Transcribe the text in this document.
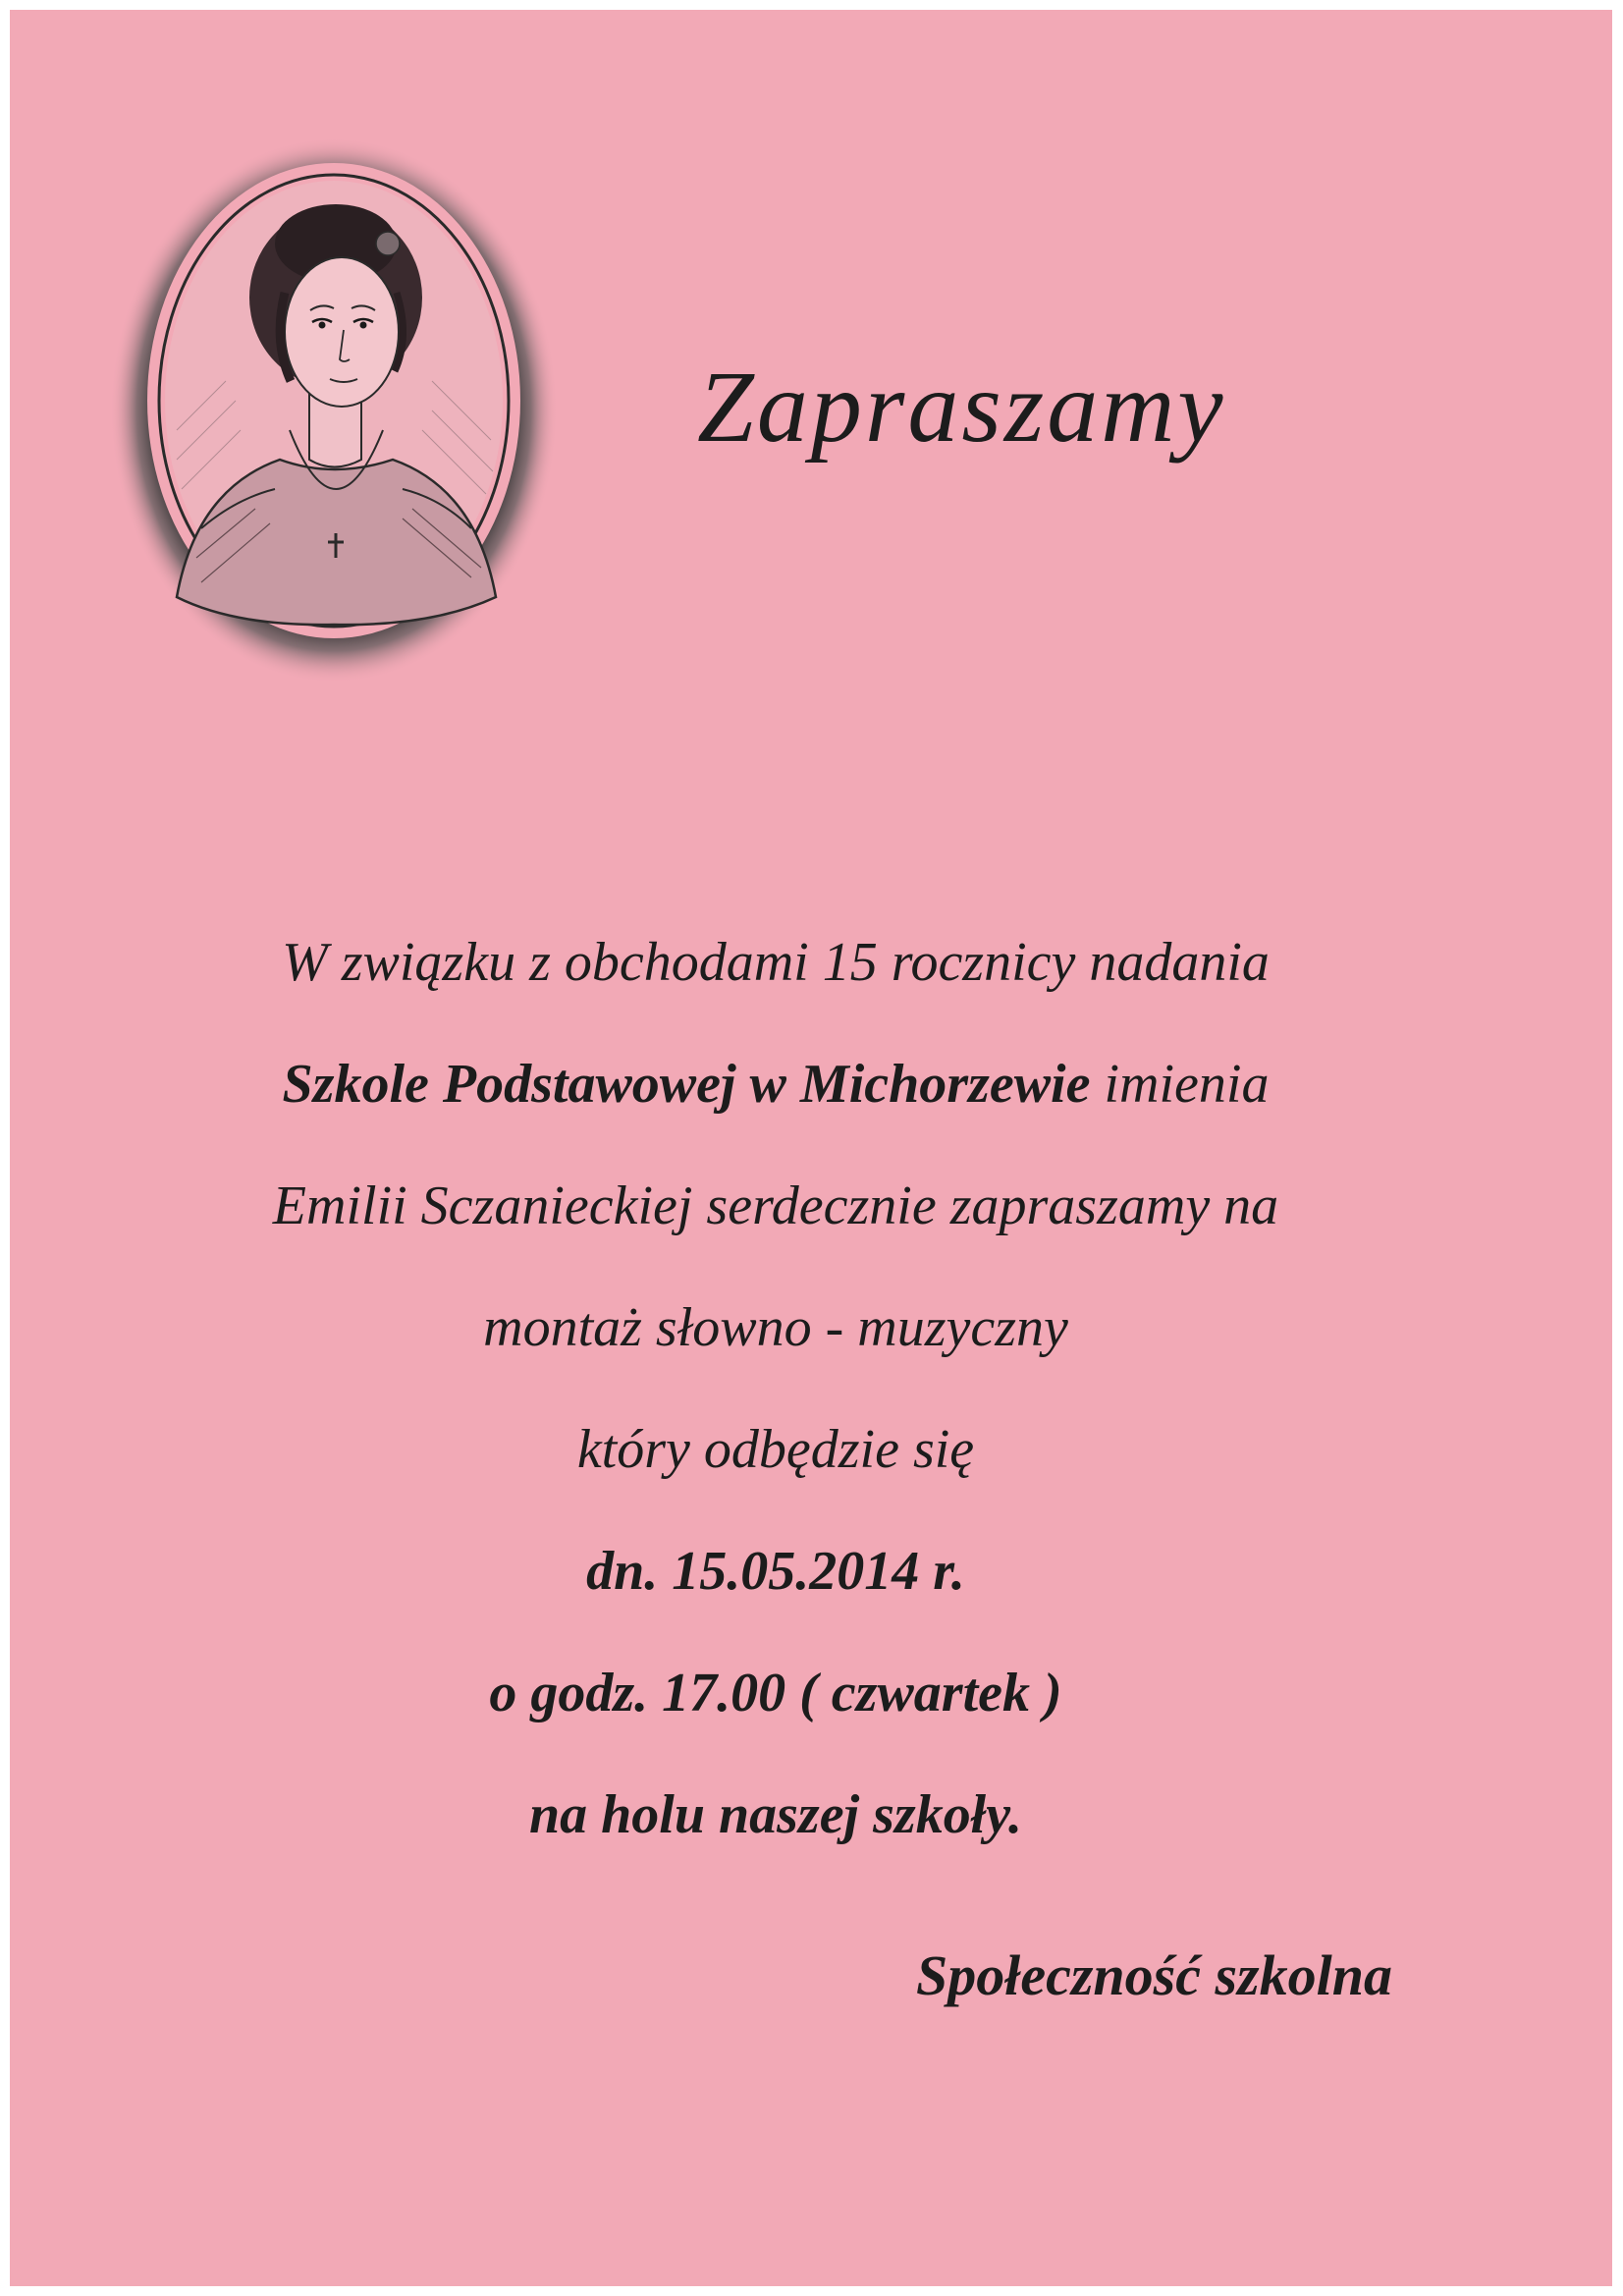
Zapraszamy
W związku z obchodami 15 rocznicy nadania
Szkole Podstawowej w Michorzewie imienia
Emilii Sczanieckiej serdecznie zapraszamy na
montaż słowno - muzyczny
który odbędzie się
dn. 15.05.2014 r.
o godz. 17.00 ( czwartek )
na holu naszej szkoły.
Społeczność szkolna
